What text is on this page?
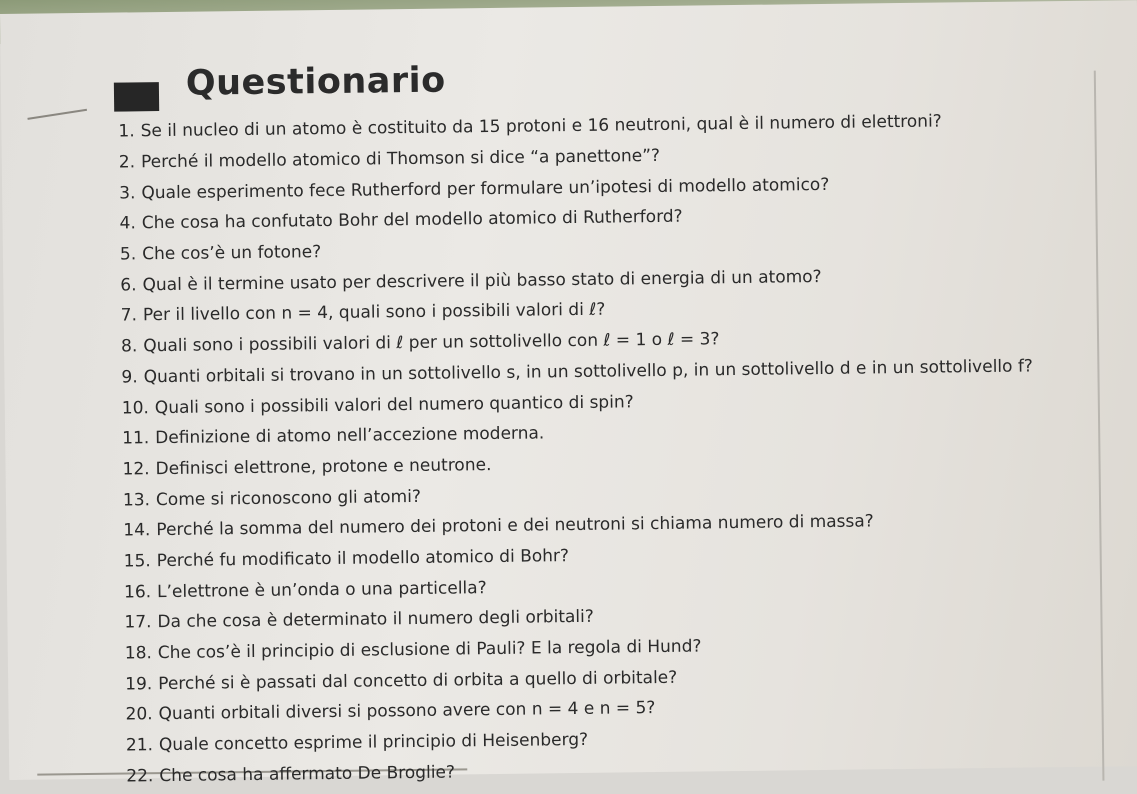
Questionario
1. Se il nucleo di un atomo è costituito da 15 protoni e 16 neutroni, qual è il numero di elettroni?
2. Perché il modello atomico di Thomson si dice “a panettone”?
3. Quale esperimento fece Rutherford per formulare un’ipotesi di modello atomico?
4. Che cosa ha confutato Bohr del modello atomico di Rutherford?
5. Che cos’è un fotone?
6. Qual è il termine usato per descrivere il più basso stato di energia di un atomo?
7. Per il livello con n = 4, quali sono i possibili valori di ℓ?
8. Quali sono i possibili valori di ℓ per un sottolivello con ℓ = 1 o ℓ = 3?
9. Quanti orbitali si trovano in un sottolivello s, in un sottolivello p, in un sottolivello d e in un sottolivello f?
10. Quali sono i possibili valori del numero quantico di spin?
11. Definizione di atomo nell’accezione moderna.
12. Definisci elettrone, protone e neutrone.
13. Come si riconoscono gli atomi?
14. Perché la somma del numero dei protoni e dei neutroni si chiama numero di massa?
15. Perché fu modificato il modello atomico di Bohr?
16. L’elettrone è un’onda o una particella?
17. Da che cosa è determinato il numero degli orbitali?
18. Che cos’è il principio di esclusione di Pauli? E la regola di Hund?
19. Perché si è passati dal concetto di orbita a quello di orbitale?
20. Quanti orbitali diversi si possono avere con n = 4 e n = 5?
21. Quale concetto esprime il principio di Heisenberg?
22. Che cosa ha affermato De Broglie?
